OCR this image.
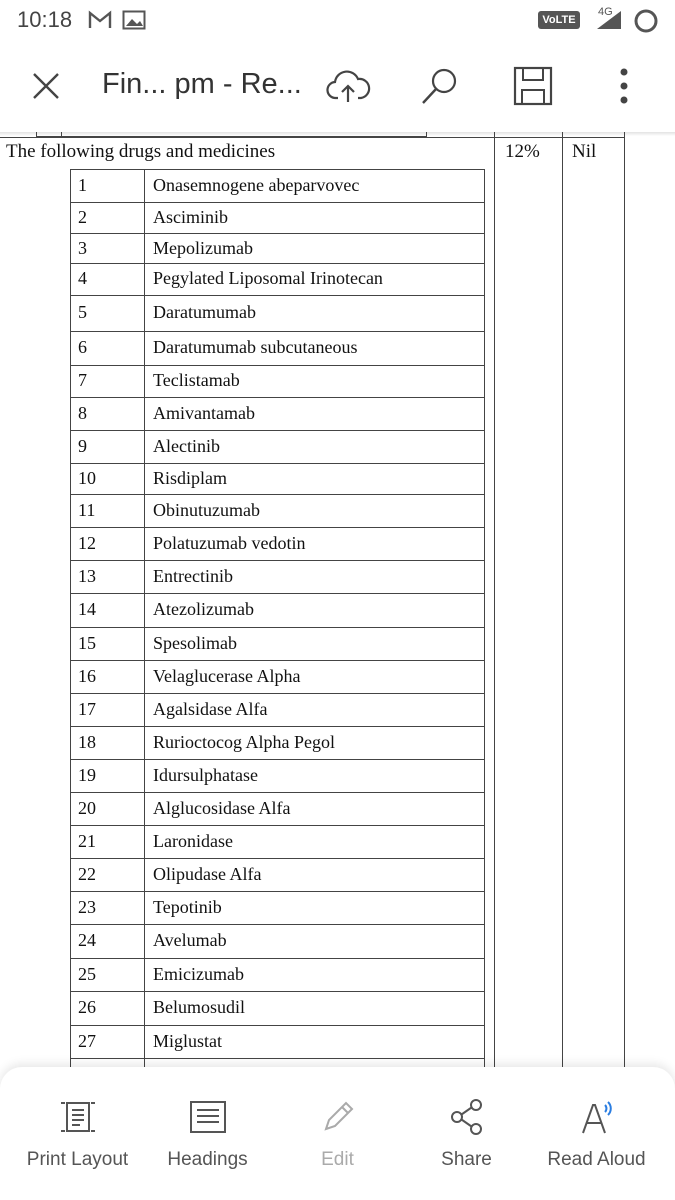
10:18	VoLTE
4G
Fin... pm - Re...
The following drugs and medicines	12% Nil
1	Onasemnogene abeparvovec
2	Asciminib
3	Mepolizumab
4	Pegylated Liposomal Irinotecan
5	Daratumumab
6	Daratumumab subcutaneous
7	Teclistamab
8	Amivantamab
9	Alectinib
10	Risdiplam
11	Obinutuzumab
12	Polatuzumab vedotin
13	Entrectinib
14	Atezolizumab
15	Spesolimab
16	Velaglucerase Alpha
17	Agalsidase Alfa
18	Rurioctocog Alpha Pegol
19	Idursulphatase
20	Alglucosidase Alfa
21	Laronidase
22	Olipudase Alfa
23	Tepotinib
24	Avelumab
25	Emicizumab
26	Belumosudil
27	Miglustat
Print Layout	Headings	Edit	Share	Read Aloud
